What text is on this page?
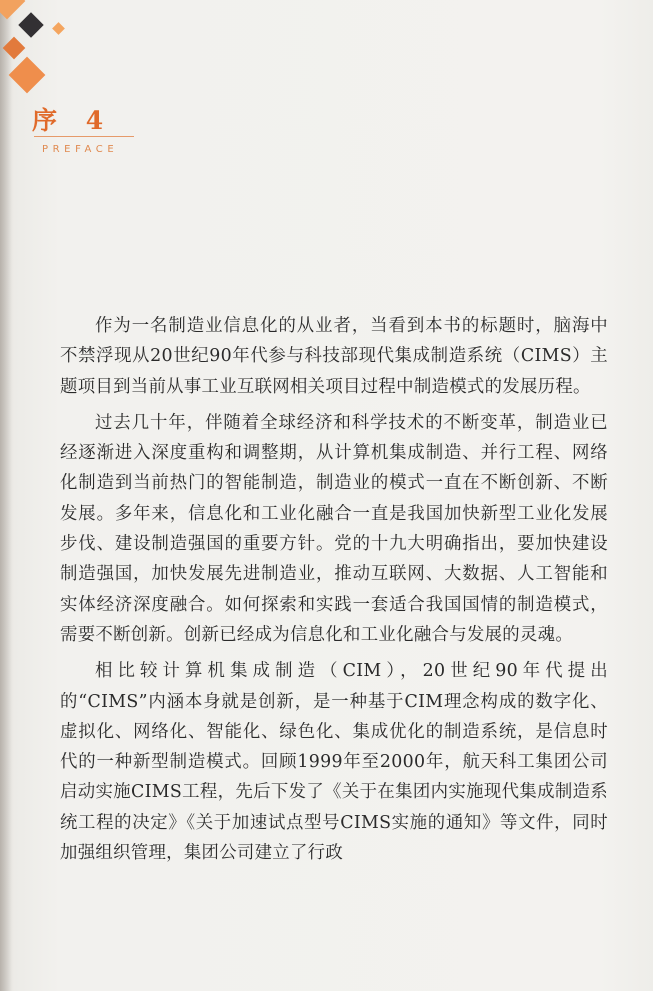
序 4
PREFACE

作为一名制造业信息化的从业者，当看到本书的标题时，脑海中不禁浮现从20世纪90年代参与科技部现代集成制造系统（CIMS）主题项目到当前从事工业互联网相关项目过程中制造模式的发展历程。

过去几十年，伴随着全球经济和科学技术的不断变革，制造业已经逐渐进入深度重构和调整期，从计算机集成制造、并行工程、网络化制造到当前热门的智能制造，制造业的模式一直在不断创新、不断发展。多年来，信息化和工业化融合一直是我国加快新型工业化发展步伐、建设制造强国的重要方针。党的十九大明确指出，要加快建设制造强国，加快发展先进制造业，推动互联网、大数据、人工智能和实体经济深度融合。如何探索和实践一套适合我国国情的制造模式，需要不断创新。创新已经成为信息化和工业化融合与发展的灵魂。

相比较计算机集成制造（CIM），20世纪90年代提出的“CIMS”内涵本身就是创新，是一种基于CIM理念构成的数字化、虚拟化、网络化、智能化、绿色化、集成优化的制造系统，是信息时代的一种新型制造模式。回顾1999年至2000年，航天科工集团公司启动实施CIMS工程，先后下发了《关于在集团内实施现代集成制造系统工程的决定》《关于加速试点型号CIMS实施的通知》等文件，同时加强组织管理，集团公司建立了行政
